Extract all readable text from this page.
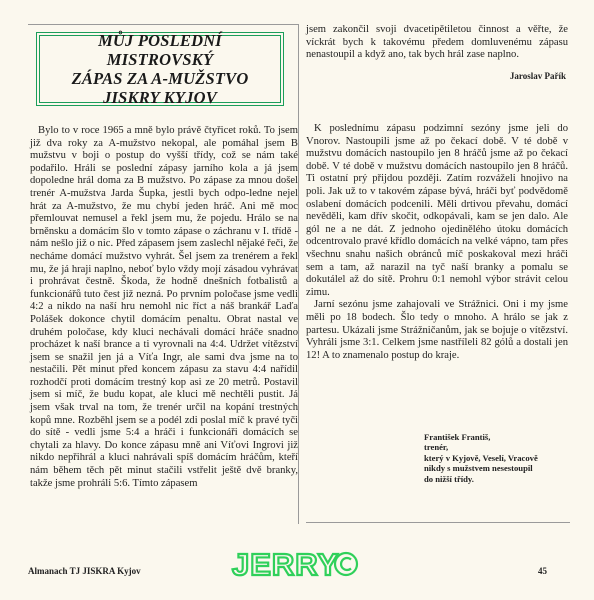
MŮJ POSLEDNÍ MISTROVSKÝ
ZÁPAS ZA A-MUŽSTVO
JISKRY KYJOV

Bylo to v roce 1965 a mně bylo právě čtyřicet roků. To jsem již dva roky za A-mužstvo nekopal, ale pomáhal jsem B mužstvu v boji o postup do vyšší třídy, což se nám také podařilo. Hráli se poslední zápasy jarního kola a já jsem dopoledne hrál doma za B mužstvo. Po zápase za mnou došel trenér A-mužstva Jarda Šupka, jestli bych odpo-ledne nejel hrát za A-mužstvo, že mu chybí jeden hráč. Ani mě moc přemlouvat nemusel a řekl jsem mu, že pojedu. Hrálo se na brněnsku a domácím šlo v tomto zápase o záchranu v I. třídě - nám nešlo již o nic. Před zápasem jsem zaslechl nějaké řeči, že necháme domácí mužstvo vyhrát. Šel jsem za trenérem a řekl mu, že já hraji naplno, neboť bylo vždy mojí zásadou vyhrávat i prohrávat čestně. Škoda, že hodně dnešních fotbalistů a funkcionářů tuto čest již nezná. Po prvním poločase jsme vedli 4:2 a nikdo na naší hru nemohl nic říct a náš brankář Laďa Polášek dokonce chytil domácím penaltu. Obrat nastal ve druhém poločase, kdy kluci nechávali domácí hráče snadno procházet k naší brance a ti vyrovnali na 4:4. Udržet vítězství jsem se snažil jen já a Víťa Ingr, ale sami dva jsme na to nestačili. Pět minut před koncem zápasu za stavu 4:4 nařídil rozhodčí proti domácím trestný kop asi ze 20 metrů. Postavil jsem si míč, že budu kopat, ale kluci mě nechtěli pustit. Já jsem však trval na tom, že trenér určil na kopání trestných kopů mne. Rozběhl jsem se a podél zdi poslal míč k pravé tyči do sítě - vedli jsme 5:4 a hráči i funkcionáři domácích se chytali za hlavy. Do konce zápasu mně ani Víťovi Ingrovi již nikdo nepřihrál a kluci nahrávali spíš domácím hráčům, kteří nám během těch pět minut stačili vstřelit ještě dvě branky, takže jsme prohráli 5:6. Tímto zápasem

jsem zakončil svoji dvacetipětiletou činnost a věřte, že víckrát bych k takovému předem domluvenému zápasu nenastoupil a když ano, tak bych hrál zase naplno.

Jaroslav Pařík

K poslednímu zápasu podzimní sezóny jsme jeli do Vnorov. Nastoupili jsme až po čekací době. V té době v mužstvu domácích nastoupilo jen 8 hráčů jsme až po čekací době. V té době v mužstvu domácích nastoupilo jen 8 hráčů. Ti ostatní prý přijdou později. Zatím rozváželi hnojivo na poli. Jak už to v takovém zápase bývá, hráči byť podvědomě oslabení domácích podcenili. Měli drtivou převahu, domácí nevěděli, kam dřív skočit, odkopávali, kam se jen dalo. Ale gól ne a ne dát. Z jednoho ojedinělého útoku domácích odcentrovalo pravé křídlo domácích na velké vápno, tam přes všechnu snahu našich obránců míč poskakoval mezi hráči sem a tam, až narazil na tyč naší branky a pomalu se dokutálel až do sítě. Prohru 0:1 nemohl výbor strávit celou zimu.

Jarní sezónu jsme zahajovali ve Strážnici. Oni i my jsme měli po 18 bodech. Šlo tedy o mnoho. A hrálo se jak z partesu. Ukázali jsme Strážničanům, jak se bojuje o vítězství. Vyhráli jsme 3:1. Celkem jsme nastříleli 82 gólů a dostali jen 12! A to znamenalo postup do kraje.

František Františ,
trenér,
který v Kyjově, Veselí, Vracově
nikdy s mužstvem nesestoupil
do nižší třídy.
Almanach TJ JISKRA Kyjov	JERRY	45
